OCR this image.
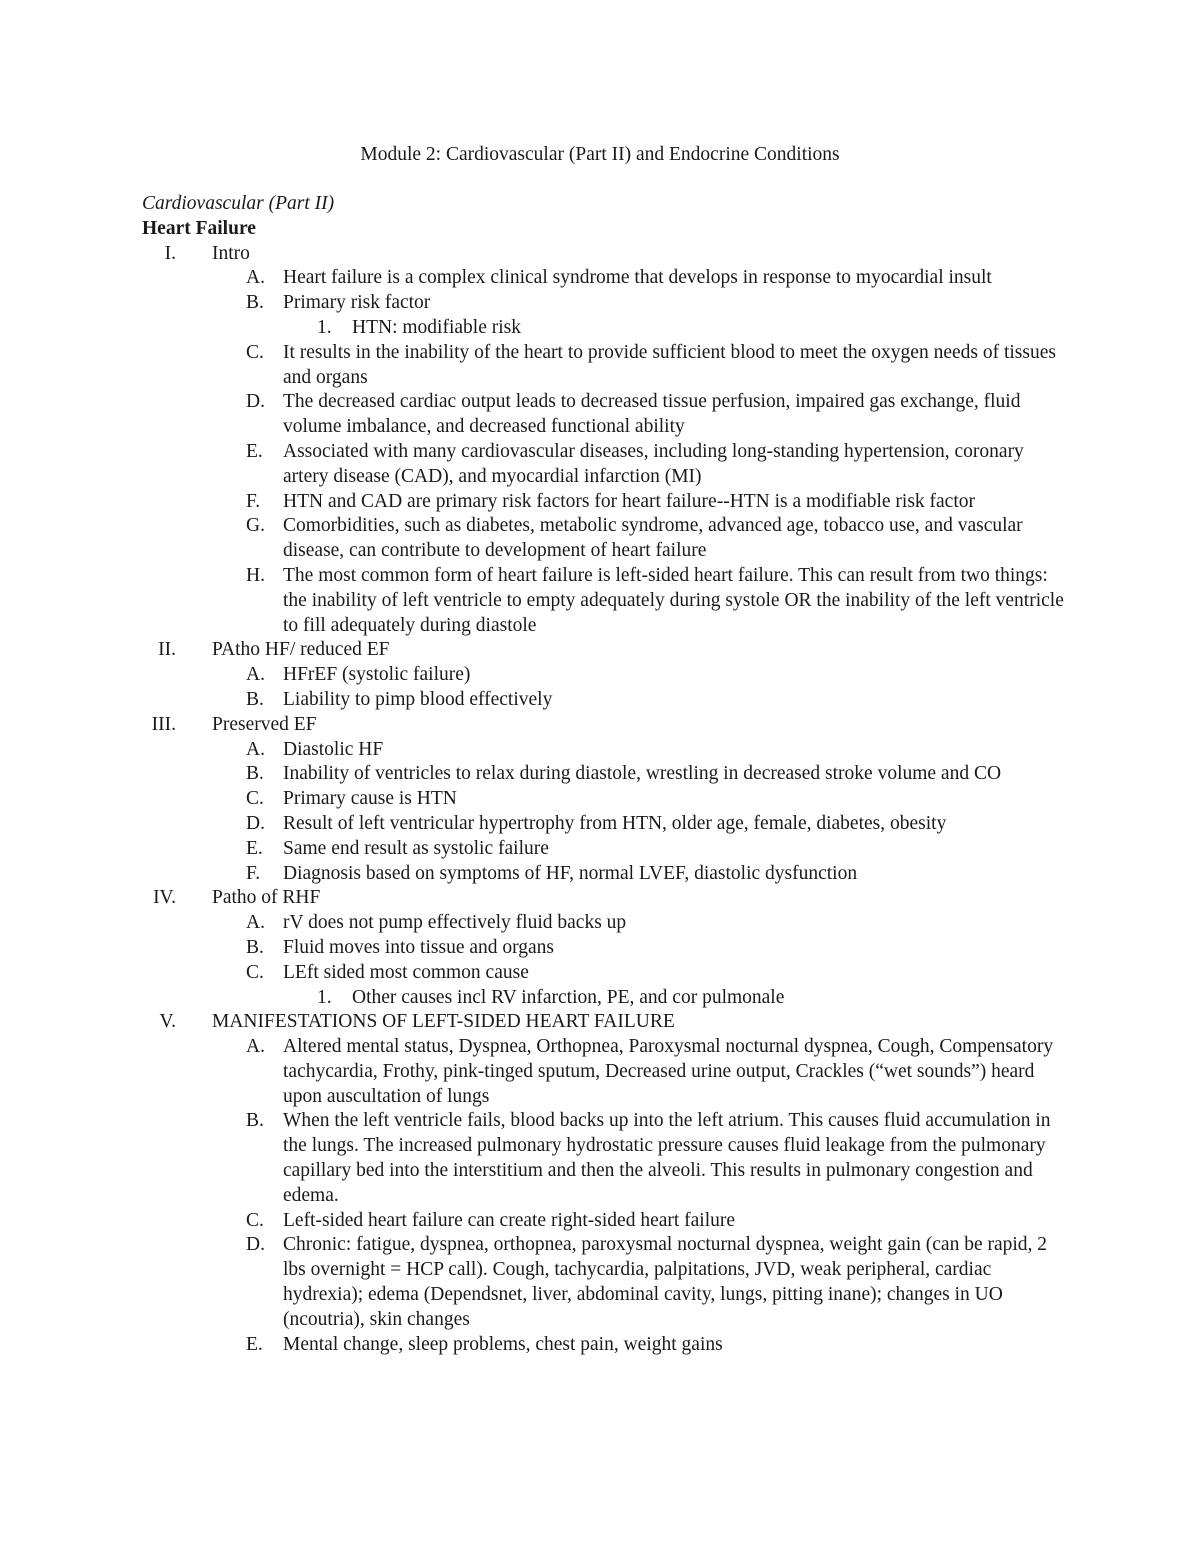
Module 2: Cardiovascular (Part II) and Endocrine Conditions
Cardiovascular (Part II)
Heart Failure
I. Intro
A. Heart failure is a complex clinical syndrome that develops in response to myocardial insult
B. Primary risk factor
1. HTN: modifiable risk
C. It results in the inability of the heart to provide sufficient blood to meet the oxygen needs of tissues and organs
D. The decreased cardiac output leads to decreased tissue perfusion, impaired gas exchange, fluid volume imbalance, and decreased functional ability
E. Associated with many cardiovascular diseases, including long-standing hypertension, coronary artery disease (CAD), and myocardial infarction (MI)
F. HTN and CAD are primary risk factors for heart failure--HTN is a modifiable risk factor
G. Comorbidities, such as diabetes, metabolic syndrome, advanced age, tobacco use, and vascular disease, can contribute to development of heart failure
H. The most common form of heart failure is left-sided heart failure. This can result from two things: the inability of left ventricle to empty adequately during systole OR the inability of the left ventricle to fill adequately during diastole
II. PAtho HF/ reduced EF
A. HFrEF (systolic failure)
B. Liability to pimp blood effectively
III. Preserved EF
A. Diastolic HF
B. Inability of ventricles to relax during diastole, wrestling in decreased stroke volume and CO
C. Primary cause is HTN
D. Result of left ventricular hypertrophy from HTN, older age, female, diabetes, obesity
E. Same end result as systolic failure
F. Diagnosis based on symptoms of HF, normal LVEF, diastolic dysfunction
IV. Patho of RHF
A. rV does not pump effectively fluid backs up
B. Fluid moves into tissue and organs
C. LEft sided most common cause
1. Other causes incl RV infarction, PE, and cor pulmonale
V. MANIFESTATIONS OF LEFT-SIDED HEART FAILURE
A. Altered mental status, Dyspnea, Orthopnea, Paroxysmal nocturnal dyspnea, Cough, Compensatory tachycardia, Frothy, pink-tinged sputum, Decreased urine output, Crackles (“wet sounds”) heard upon auscultation of lungs
B. When the left ventricle fails, blood backs up into the left atrium. This causes fluid accumulation in the lungs. The increased pulmonary hydrostatic pressure causes fluid leakage from the pulmonary capillary bed into the interstitium and then the alveoli. This results in pulmonary congestion and edema.
C. Left-sided heart failure can create right-sided heart failure
D. Chronic: fatigue, dyspnea, orthopnea, paroxysmal nocturnal dyspnea, weight gain (can be rapid, 2 lbs overnight = HCP call). Cough, tachycardia, palpitations, JVD, weak peripheral, cardiac hydrexia); edema (Dependsnet, liver, abdominal cavity, lungs, pitting inane); changes in UO (ncoutria), skin changes
E. Mental change, sleep problems, chest pain, weight gains
